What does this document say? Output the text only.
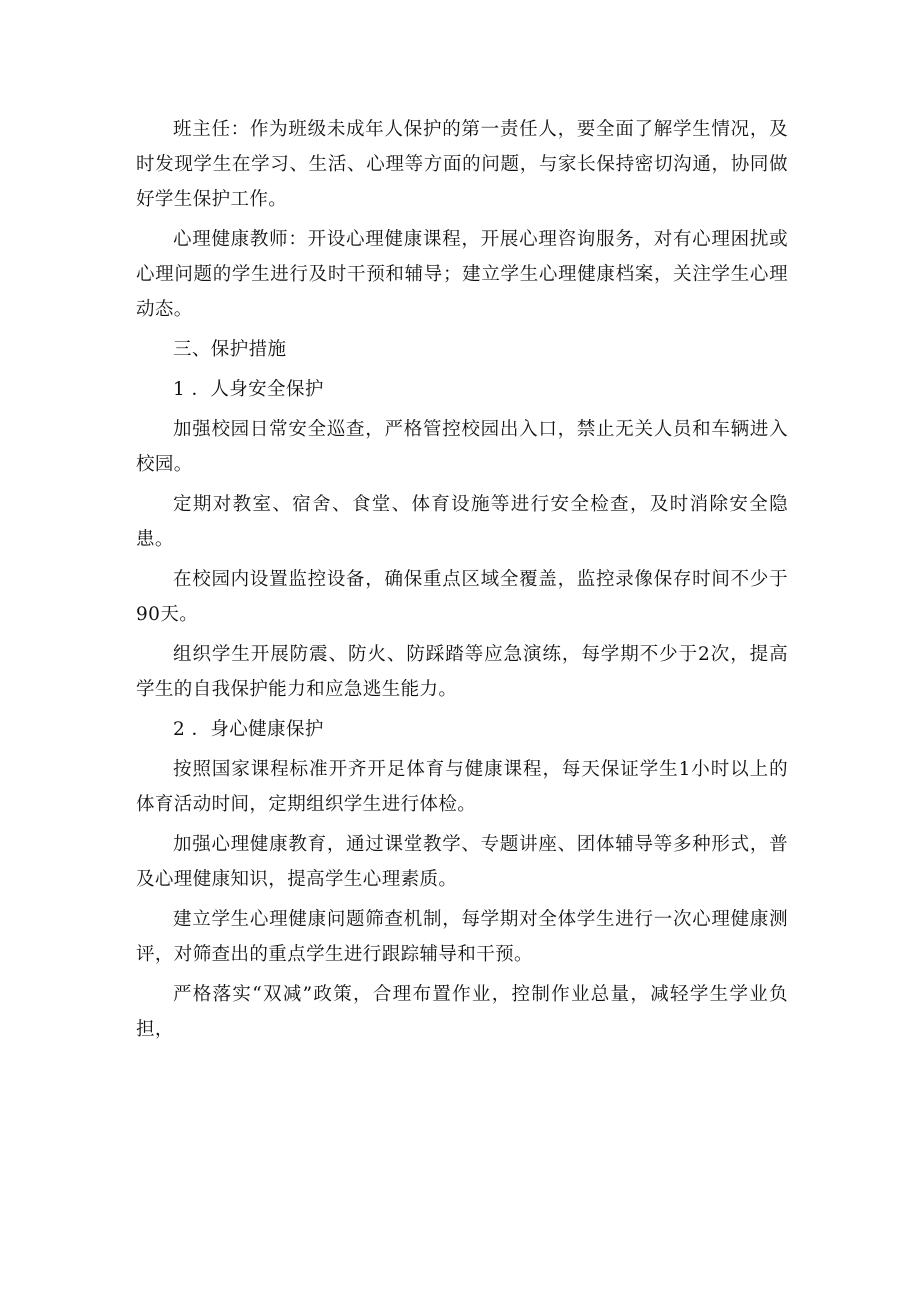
班主任：作为班级未成年人保护的第一责任人，要全面了解学生情况，及时发现学生在学习、生活、心理等方面的问题，与家长保持密切沟通，协同做好学生保护工作。

心理健康教师：开设心理健康课程，开展心理咨询服务，对有心理困扰或心理问题的学生进行及时干预和辅导；建立学生心理健康档案，关注学生心理动态。

三、保护措施

1 ．人身安全保护

加强校园日常安全巡查，严格管控校园出入口，禁止无关人员和车辆进入校园。

定期对教室、宿舍、食堂、体育设施等进行安全检查，及时消除安全隐患。

在校园内设置监控设备，确保重点区域全覆盖，监控录像保存时间不少于90天。

组织学生开展防震、防火、防踩踏等应急演练，每学期不少于2次，提高学生的自我保护能力和应急逃生能力。

2 ．身心健康保护

按照国家课程标准开齐开足体育与健康课程，每天保证学生1小时以上的体育活动时间，定期组织学生进行体检。

加强心理健康教育，通过课堂教学、专题讲座、团体辅导等多种形式，普及心理健康知识，提高学生心理素质。

建立学生心理健康问题筛查机制，每学期对全体学生进行一次心理健康测评，对筛查出的重点学生进行跟踪辅导和干预。

严格落实“双减”政策，合理布置作业，控制作业总量，减轻学生学业负担，
